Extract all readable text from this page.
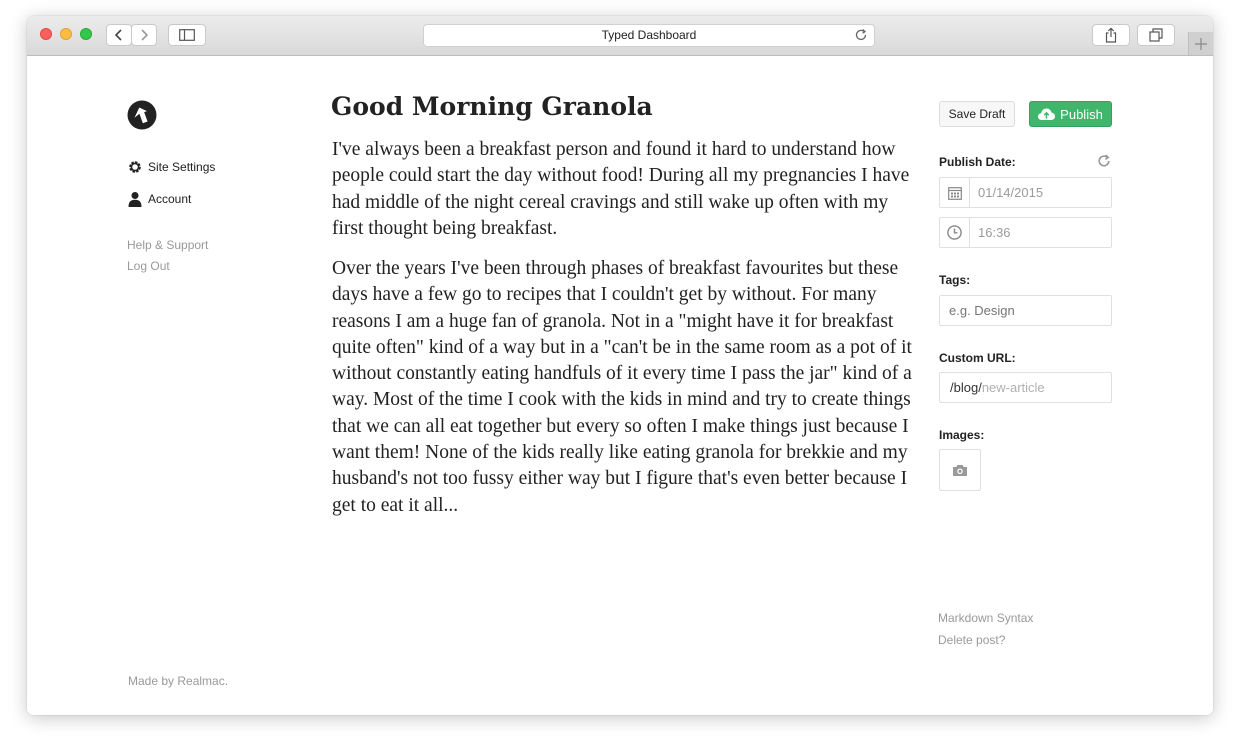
Typed Dashboard
Site Settings
Account
Help & Support
Log Out
Made by Realmac.
Good Morning Granola

I've always been a breakfast person and found it hard to understand how people could start the day without food! During all my pregnancies I have had middle of the night cereal cravings and still wake up often with my first thought being breakfast.

Over the years I've been through phases of breakfast favourites but these days have a few go to recipes that I couldn't get by without. For many reasons I am a huge fan of granola. Not in a "might have it for breakfast quite often" kind of a way but in a "can't be in the same room as a pot of it without constantly eating handfuls of it every time I pass the jar" kind of a way. Most of the time I cook with the kids in mind and try to create things that we can all eat together but every so often I make things just because I want them! None of the kids really like eating granola for brekkie and my husband's not too fussy either way but I figure that's even better because I get to eat it all...

Save Draft	Publish
Publish Date:
01/14/2015
16:36
Tags:
e.g. Design
Custom URL:
/blog/ new-article
Images:
Markdown Syntax
Delete post?
